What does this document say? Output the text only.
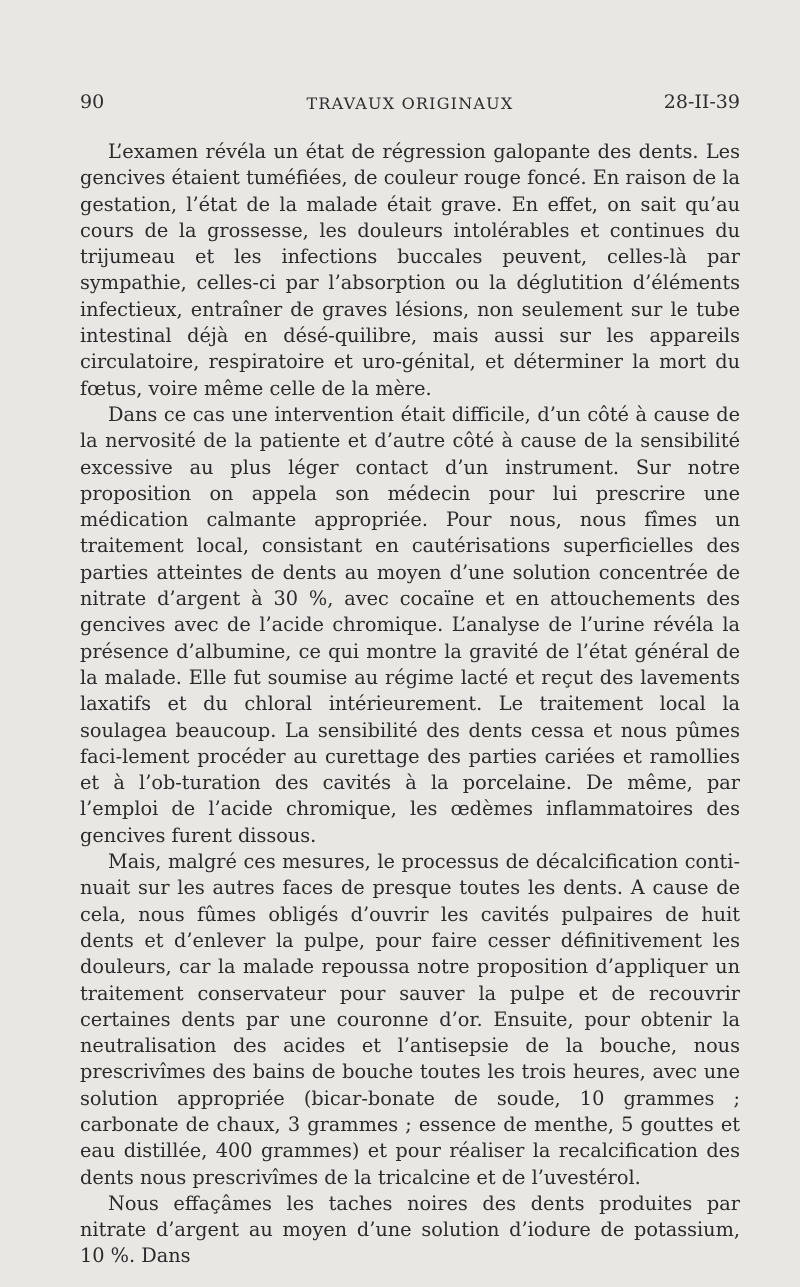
90	TRAVAUX ORIGINAUX	28-II-39

L’examen révéla un état de régression galopante des dents. Les gencives étaient tuméfiées, de couleur rouge foncé. En raison de la gestation, l’état de la malade était grave. En effet, on sait qu’au cours de la grossesse, les douleurs intolérables et continues du trijumeau et les infections buccales peuvent, celles-là par sympathie, celles-ci par l’absorption ou la déglutition d’éléments infectieux, entraîner de graves lésions, non seulement sur le tube intestinal déjà en désé-quilibre, mais aussi sur les appareils circulatoire, respiratoire et uro-génital, et déterminer la mort du fœtus, voire même celle de la mère.

Dans ce cas une intervention était difficile, d’un côté à cause de la nervosité de la patiente et d’autre côté à cause de la sensibilité excessive au plus léger contact d’un instrument. Sur notre proposition on appela son médecin pour lui prescrire une médication calmante appropriée. Pour nous, nous fîmes un traitement local, consistant en cautérisations superficielles des parties atteintes de dents au moyen d’une solution concentrée de nitrate d’argent à 30 %, avec cocaïne et en attouchements des gencives avec de l’acide chromique. L’analyse de l’urine révéla la présence d’albumine, ce qui montre la gravité de l’état général de la malade. Elle fut soumise au régime lacté et reçut des lavements laxatifs et du chloral intérieurement. Le traitement local la soulagea beaucoup. La sensibilité des dents cessa et nous pûmes faci-lement procéder au curettage des parties cariées et ramollies et à l’ob-turation des cavités à la porcelaine. De même, par l’emploi de l’acide chromique, les œdèmes inflammatoires des gencives furent dissous.

Mais, malgré ces mesures, le processus de décalcification conti-nuait sur les autres faces de presque toutes les dents. A cause de cela, nous fûmes obligés d’ouvrir les cavités pulpaires de huit dents et d’enlever la pulpe, pour faire cesser définitivement les douleurs, car la malade repoussa notre proposition d’appliquer un traitement conservateur pour sauver la pulpe et de recouvrir certaines dents par une couronne d’or. Ensuite, pour obtenir la neutralisation des acides et l’antisepsie de la bouche, nous prescrivîmes des bains de bouche toutes les trois heures, avec une solution appropriée (bicar-bonate de soude, 10 grammes ; carbonate de chaux, 3 grammes ; essence de menthe, 5 gouttes et eau distillée, 400 grammes) et pour réaliser la recalcification des dents nous prescrivîmes de la tricalcine et de l’uvestérol.

Nous effaçâmes les taches noires des dents produites par nitrate d’argent au moyen d’une solution d’iodure de potassium, 10 %. Dans
